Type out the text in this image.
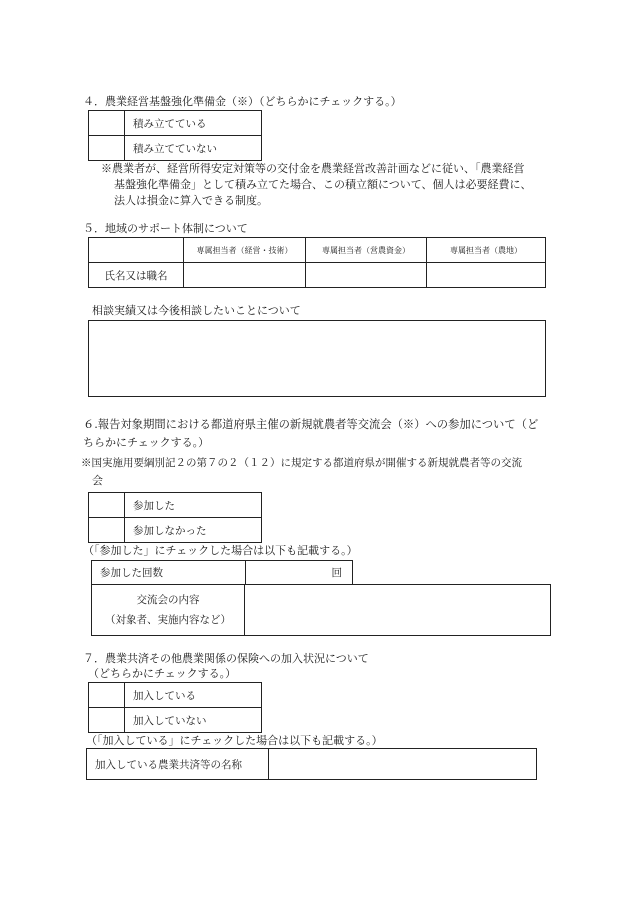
４．農業経営基盤強化準備金（※）（どちらかにチェックする。）
	積み立てている
	積み立てていない
※農業者が、経営所得安定対策等の交付金を農業経営改善計画などに従い、「農業経営
基盤強化準備金」として積み立てた場合、この積立額について、個人は必要経費に、
法人は損金に算入できる制度。
５．地域のサポート体制について
	専属担当者（経営・技術）	専属担当者（営農資金）	専属担当者（農地）
氏名又は職名			
相談実績又は今後相談したいことについて
６.報告対象期間における都道府県主催の新規就農者等交流会（※）への参加について（ど
ちらかにチェックする。）
※国実施用要綱別記２の第７の２（１２）に規定する都道府県が開催する新規就農者等の交流
会
	参加した
	参加しなかった
（「参加した」にチェックした場合は以下も記載する。）
参加した回数	回
交流会の内容
（対象者、実施内容など）

７．農業共済その他農業関係の保険への加入状況について
（どちらかにチェックする。）
	加入している
	加入していない
（「加入している」にチェックした場合は以下も記載する。）
加入している農業共済等の名称	
